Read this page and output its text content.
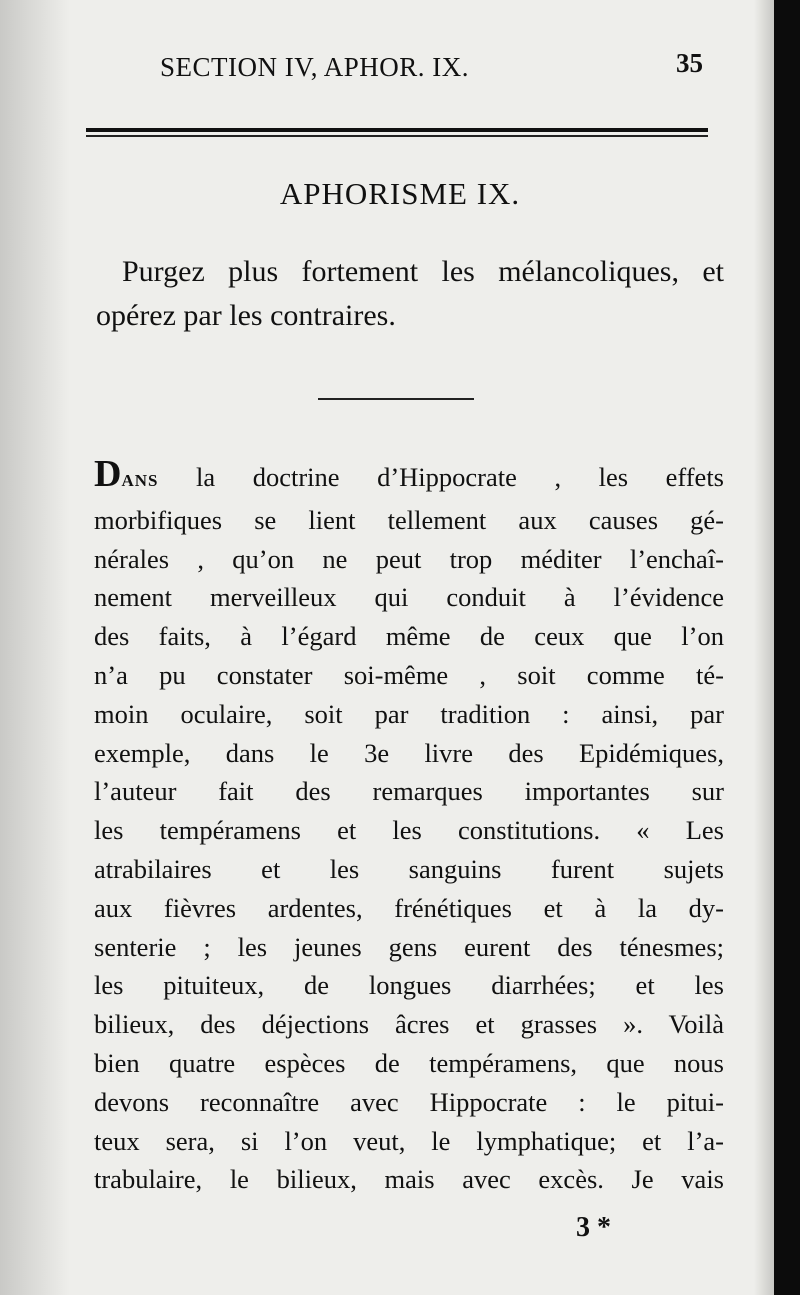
SECTION IV, APHOR. IX.	35
APHORISME IX.
Purgez plus fortement les mélancoliques, et opérez par les contraires.
DANS la doctrine d’Hippocrate , les effets
morbifiques se lient tellement aux causes gé-
nérales , qu’on ne peut trop méditer l’enchaî-
nement merveilleux qui conduit à l’évidence
des faits, à l’égard même de ceux que l’on
n’a pu constater soi-même , soit comme té-
moin oculaire, soit par tradition : ainsi, par
exemple, dans le 3e livre des Epidémiques,
l’auteur fait des remarques importantes sur
les tempéramens et les constitutions. « Les
atrabilaires et les sanguins furent sujets
aux fièvres ardentes, frénétiques et à la dy-
senterie ; les jeunes gens eurent des ténesmes;
les pituiteux, de longues diarrhées; et les
bilieux, des déjections âcres et grasses ». Voilà
bien quatre espèces de tempéramens, que nous
devons reconnaître avec Hippocrate : le pitui-
teux sera, si l’on veut, le lymphatique; et l’a-
trabulaire, le bilieux, mais avec excès. Je vais
3 *
